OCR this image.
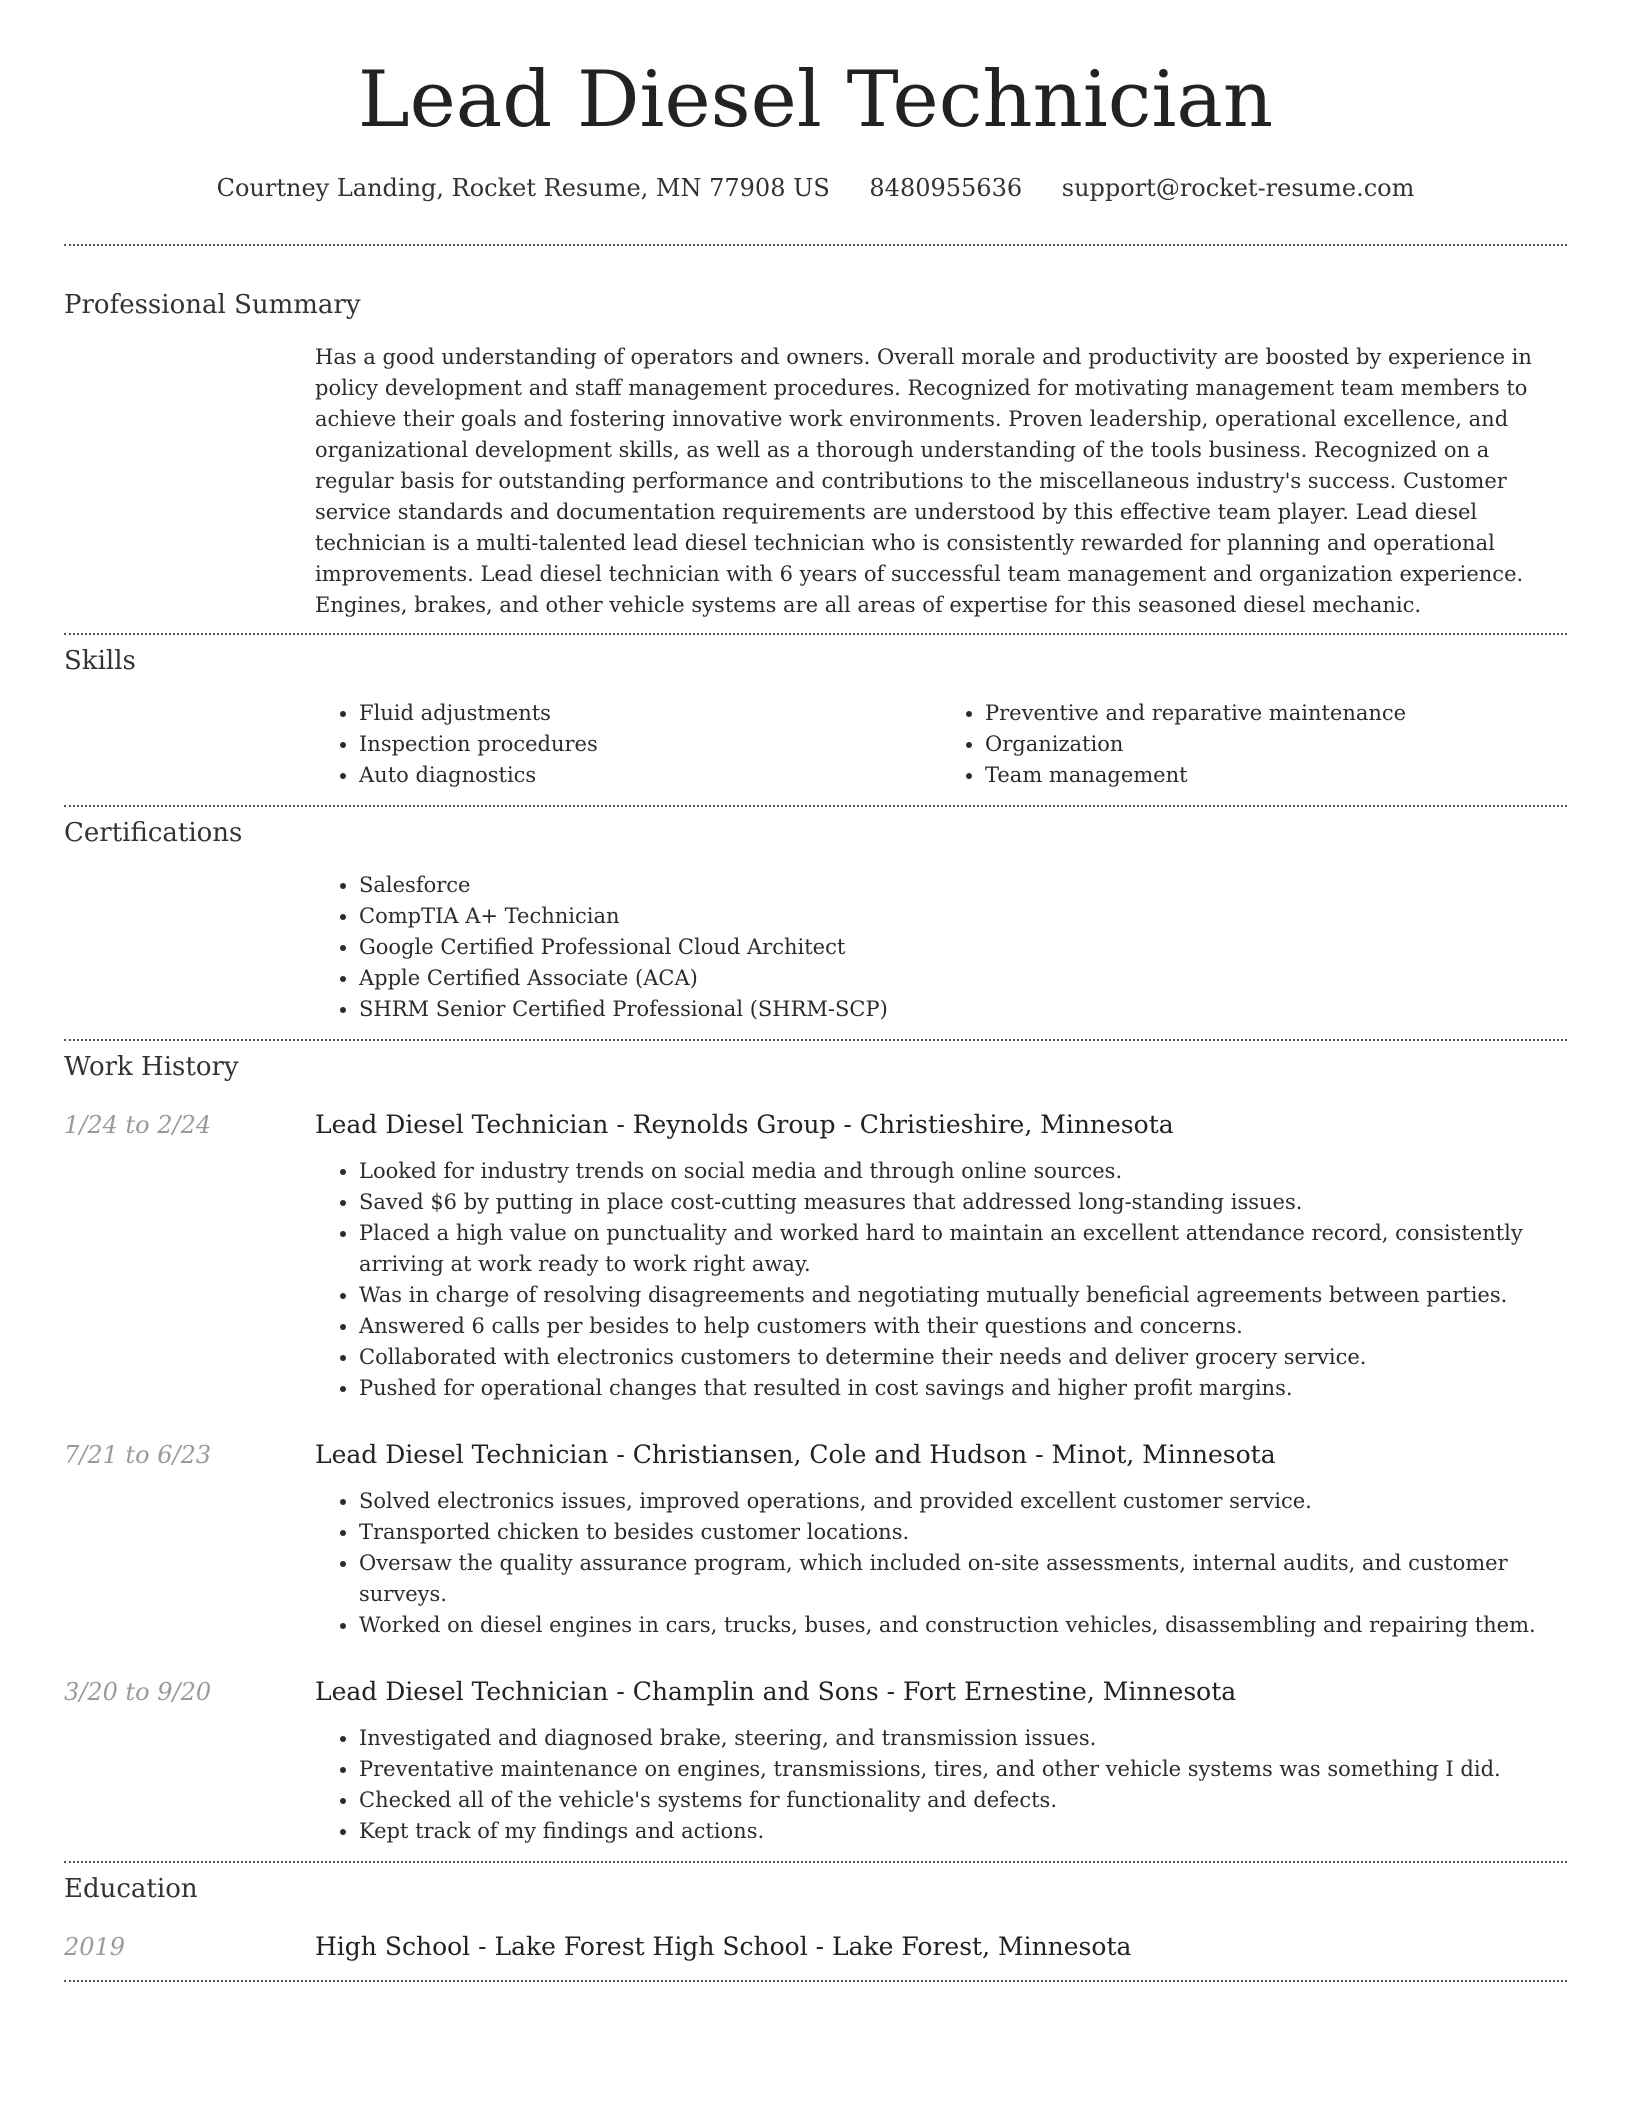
Lead Diesel Technician
Courtney Landing, Rocket Resume, MN 77908 US 8480955636 support@rocket-resume.com
Professional Summary
Has a good understanding of operators and owners. Overall morale and productivity are boosted by experience in policy development and staff management procedures. Recognized for motivating management team members to achieve their goals and fostering innovative work environments. Proven leadership, operational excellence, and organizational development skills, as well as a thorough understanding of the tools business. Recognized on a regular basis for outstanding performance and contributions to the miscellaneous industry's success. Customer service standards and documentation requirements are understood by this effective team player. Lead diesel technician is a multi-talented lead diesel technician who is consistently rewarded for planning and operational improvements. Lead diesel technician with 6 years of successful team management and organization experience. Engines, brakes, and other vehicle systems are all areas of expertise for this seasoned diesel mechanic.
Skills
• Fluid adjustments
• Inspection procedures
• Auto diagnostics
• Preventive and reparative maintenance
• Organization
• Team management
Certifications
• Salesforce
• CompTIA A+ Technician
• Google Certified Professional Cloud Architect
• Apple Certified Associate (ACA)
• SHRM Senior Certified Professional (SHRM-SCP)
Work History
1/24 to 2/24	Lead Diesel Technician - Reynolds Group - Christieshire, Minnesota
• Looked for industry trends on social media and through online sources.
• Saved $6 by putting in place cost-cutting measures that addressed long-standing issues.
• Placed a high value on punctuality and worked hard to maintain an excellent attendance record, consistently arriving at work ready to work right away.
• Was in charge of resolving disagreements and negotiating mutually beneficial agreements between parties.
• Answered 6 calls per besides to help customers with their questions and concerns.
• Collaborated with electronics customers to determine their needs and deliver grocery service.
• Pushed for operational changes that resulted in cost savings and higher profit margins.
7/21 to 6/23	Lead Diesel Technician - Christiansen, Cole and Hudson - Minot, Minnesota
• Solved electronics issues, improved operations, and provided excellent customer service.
• Transported chicken to besides customer locations.
• Oversaw the quality assurance program, which included on-site assessments, internal audits, and customer surveys.
• Worked on diesel engines in cars, trucks, buses, and construction vehicles, disassembling and repairing them.
3/20 to 9/20	Lead Diesel Technician - Champlin and Sons - Fort Ernestine, Minnesota
• Investigated and diagnosed brake, steering, and transmission issues.
• Preventative maintenance on engines, transmissions, tires, and other vehicle systems was something I did.
• Checked all of the vehicle's systems for functionality and defects.
• Kept track of my findings and actions.
Education
2019	High School - Lake Forest High School - Lake Forest, Minnesota
